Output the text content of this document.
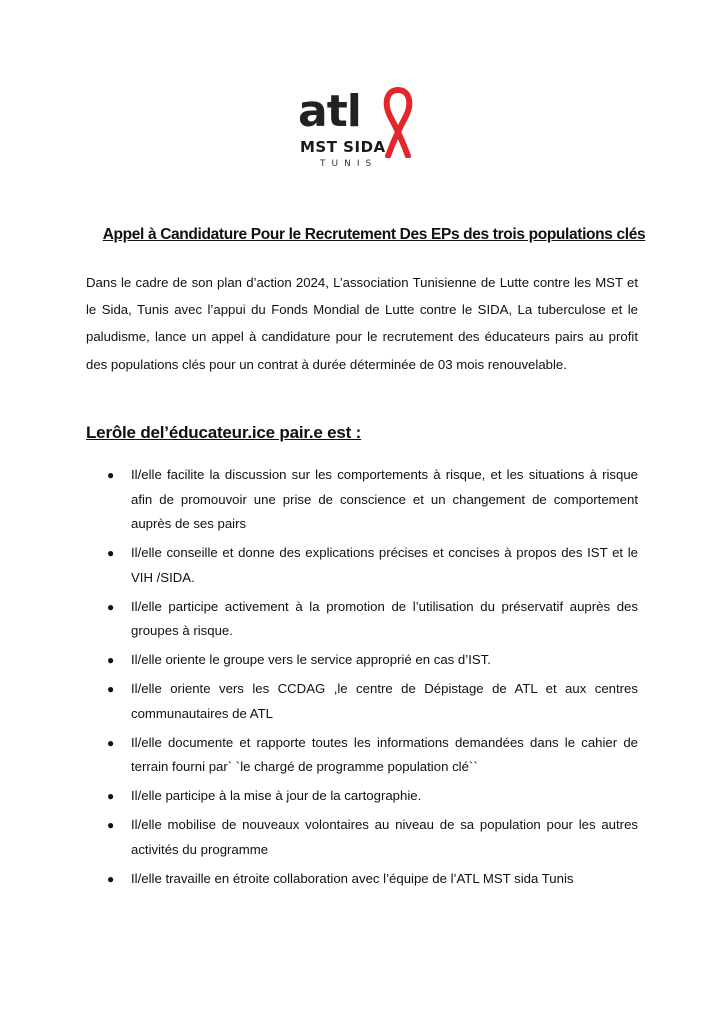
atl
MST SIDA
TUNIS
Appel à Candidature Pour le Recrutement Des EPs des trois populations clés

Dans le cadre de son plan d’action 2024, L’association Tunisienne de Lutte contre les MST et le Sida, Tunis avec l’appui du Fonds Mondial de Lutte contre le SIDA, La tuberculose et le paludisme, lance un appel à candidature pour le recrutement des éducateurs pairs au profit des populations clés pour un contrat à durée déterminée de 03 mois renouvelable.

Lerôle del’éducateur.ice pair.e est :
● Il/elle facilite la discussion sur les comportements à risque, et les situations à risque afin de promouvoir une prise de conscience et un changement de comportement auprès de ses pairs
● Il/elle conseille et donne des explications précises et concises à propos des IST et le VIH /SIDA.
● Il/elle participe activement à la promotion de l’utilisation du préservatif auprès des groupes à risque.
● Il/elle oriente le groupe vers le service approprié en cas d’IST.
● Il/elle oriente vers les CCDAG ,le centre de Dépistage de ATL et aux centres communautaires de ATL
● Il/elle documente et rapporte toutes les informations demandées dans le cahier de terrain fourni par` `le chargé de programme population clé``
● Il/elle participe à la mise à jour de la cartographie.
● Il/elle mobilise de nouveaux volontaires au niveau de sa population pour les autres activités du programme
● Il/elle travaille en étroite collaboration avec l’équipe de l’ATL MST sida Tunis
